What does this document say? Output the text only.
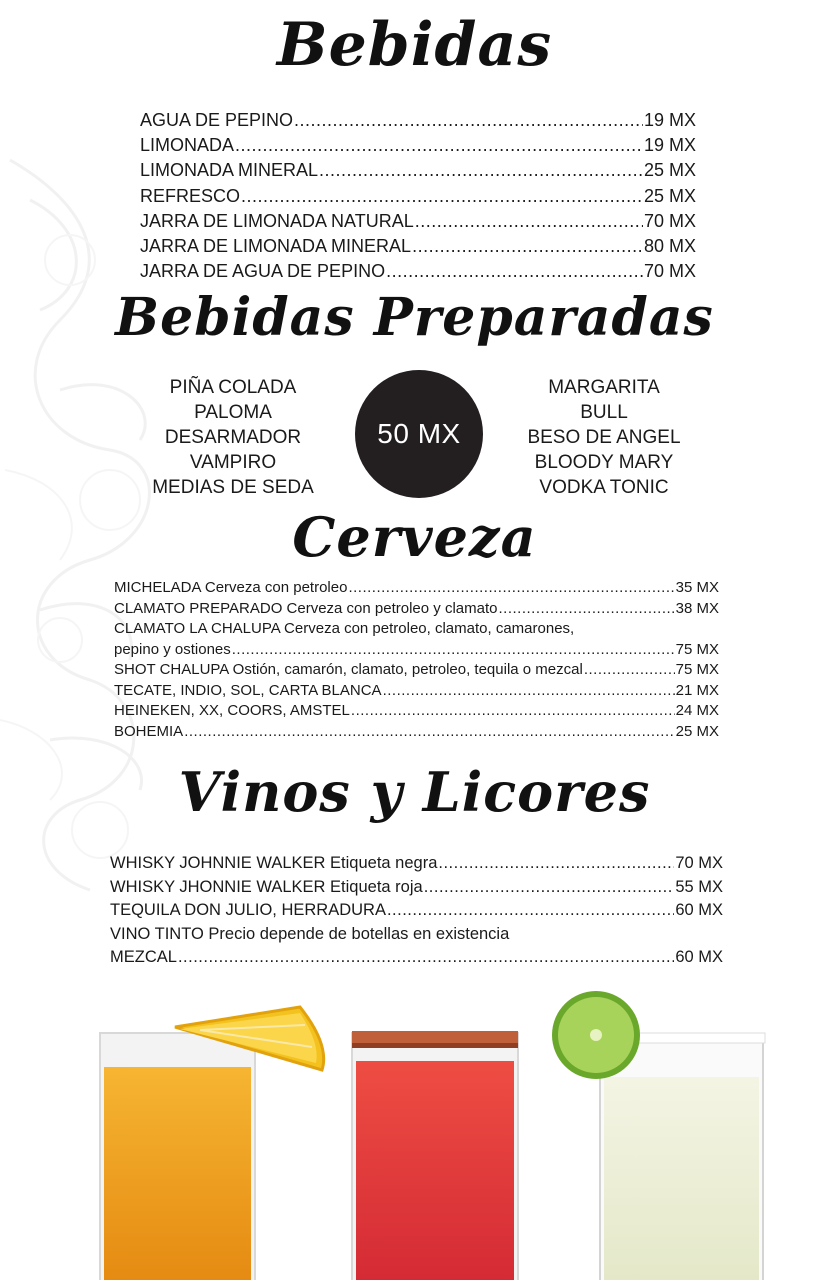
Bebidas
AGUA DE PEPINO .....	19 MX
LIMONADA .....	19 MX
LIMONADA MINERAL .....	25 MX
REFRESCO .....	25 MX
JARRA DE LIMONADA NATURAL .....	70 MX
JARRA DE LIMONADA MINERAL .....	80 MX
JARRA DE AGUA DE PEPINO .....	70 MX
Bebidas Preparadas
PIÑA COLADA
PALOMA
DESARMADOR
VAMPIRO
MEDIAS DE SEDA
50 MX
MARGARITA
BULL
BESO DE ANGEL
BLOODY MARY
VODKA TONIC
Cerveza
MICHELADA Cerveza con petroleo .....	35 MX
CLAMATO PREPARADO Cerveza con petroleo y clamato .....	38 MX
CLAMATO LA CHALUPA Cerveza con petroleo, clamato, camarones,
pepino y ostiones .....	75 MX
SHOT CHALUPA Ostión, camarón, clamato, petroleo, tequila o mezcal .....	75 MX
TECATE, INDIO, SOL, CARTA BLANCA .....	21 MX
HEINEKEN, XX, COORS, AMSTEL .....	24 MX
BOHEMIA .....	25 MX
Vinos y Licores
WHISKY JOHNNIE WALKER Etiqueta negra .....	70 MX
WHISKY JHONNIE WALKER Etiqueta roja .....	55 MX
TEQUILA DON JULIO, HERRADURA .....	60 MX
VINO TINTO Precio depende de botellas en existencia
MEZCAL .....	60 MX
